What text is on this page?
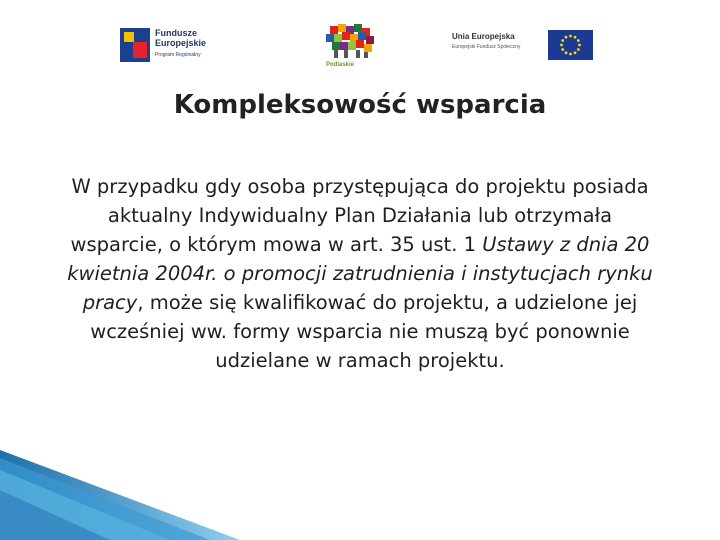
Fundusze
Europejskie
Program Regionalny
Podlaskie
Unia Europejska
Europejski Fundusz Społeczny
Kompleksowość wsparcia
W przypadku gdy osoba przystępująca do projektu posiada aktualny Indywidualny Plan Działania lub otrzymała wsparcie, o którym mowa w art. 35 ust. 1 Ustawy z dnia 20 kwietnia 2004r. o promocji zatrudnienia i instytucjach rynku pracy, może się kwalifikować do projektu, a udzielone jej wcześniej ww. formy wsparcia nie muszą być ponownie udzielane w ramach projektu.
